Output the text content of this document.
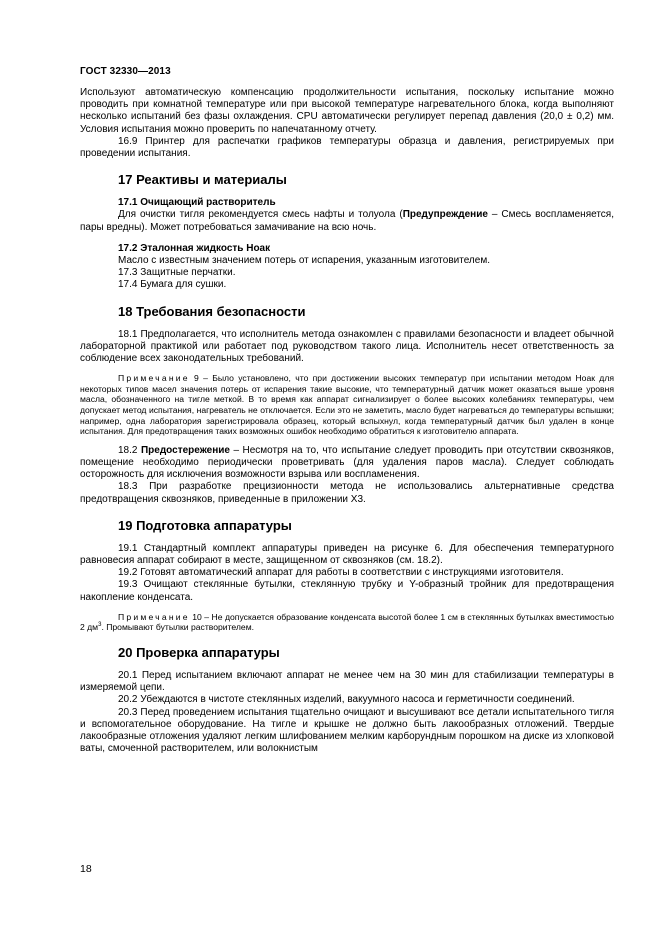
ГОСТ 32330—2013

Используют автоматическую компенсацию продолжительности испытания, поскольку испытание можно проводить при комнатной температуре или при высокой температуре нагревательного блока, когда выполняют несколько испытаний без фазы охлаждения. CPU автоматически регулирует перепад давления (20,0 ± 0,2) мм. Условия испытания можно проверить по напечатанному отчету.

16.9 Принтер для распечатки графиков температуры образца и давления, регистрируемых при проведении испытания.

17 Реактивы и материалы

17.1 Очищающий растворитель

Для очистки тигля рекомендуется смесь нафты и толуола (Предупреждение – Смесь воспламеняется, пары вредны). Может потребоваться замачивание на всю ночь.

17.2 Эталонная жидкость Ноак

Масло с известным значением потерь от испарения, указанным изготовителем.

17.3 Защитные перчатки.

17.4 Бумага для сушки.

18 Требования безопасности

18.1 Предполагается, что исполнитель метода ознакомлен с правилами безопасности и владеет обычной лабораторной практикой или работает под руководством такого лица. Исполнитель несет ответственность за соблюдение всех законодательных требований.

Примечание 9 – Было установлено, что при достижении высоких температур при испытании методом Ноак для некоторых типов масел значения потерь от испарения такие высокие, что температурный датчик может оказаться выше уровня масла, обозначенного на тигле меткой. В то время как аппарат сигнализирует о более высоких колебаниях температуры, чем допускает метод испытания, нагреватель не отключается. Если это не заметить, масло будет нагреваться до температуры вспышки; например, одна лаборатория зарегистрировала образец, который вспыхнул, когда температурный датчик был удален в конце испытания. Для предотвращения таких возможных ошибок необходимо обратиться к изготовителю аппарата.

18.2 Предостережение – Несмотря на то, что испытание следует проводить при отсутствии сквозняков, помещение необходимо периодически проветривать (для удаления паров масла). Следует соблюдать осторожность для исключения возможности взрыва или воспламенения.

18.3 При разработке прецизионности метода не использовались альтернативные средства предотвращения сквозняков, приведенные в приложении Х3.

19 Подготовка аппаратуры

19.1 Стандартный комплект аппаратуры приведен на рисунке 6. Для обеспечения температурного равновесия аппарат собирают в месте, защищенном от сквозняков (см. 18.2).

19.2 Готовят автоматический аппарат для работы в соответствии с инструкциями изготовителя.

19.3 Очищают стеклянные бутылки, стеклянную трубку и Y-образный тройник для предотвращения накопление конденсата.

Примечание 10 – Не допускается образование конденсата высотой более 1 см в стеклянных бутылках вместимостью 2 $дм^3$. Промывают бутылки растворителем.

20 Проверка аппаратуры

20.1 Перед испытанием включают аппарат не менее чем на 30 мин для стабилизации температуры в измеряемой цепи.

20.2 Убеждаются в чистоте стеклянных изделий, вакуумного насоса и герметичности соединений.

20.3 Перед проведением испытания тщательно очищают и высушивают все детали испытательного тигля и вспомогательное оборудование. На тигле и крышке не должно быть лакообразных отложений. Твердые лакообразные отложения удаляют легким шлифованием мелким карборундным порошком на диске из хлопковой ваты, смоченной растворителем, или волокнистым

18
